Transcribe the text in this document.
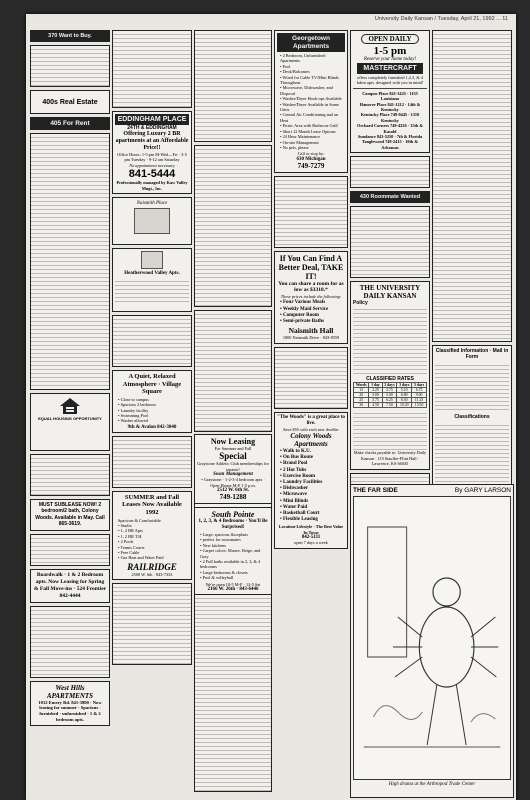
University Daily Kansan / Tuesday, April 21, 1992 ... 11
370 Want to Buy.
400s Real Estate
405 For Rent
EQUAL HOUSING OPPORTUNITY
MUST SUBLEASE NOW! 2 bedroom/2 bath, Colony Woods. Available in May. Call 865-3619.
Boardwalk · 1 & 2 Bedroom apts. Now Leasing for Spring & Fall Move-ins · 524 Frontier 842-4444
West Hills APARTMENTS
1012 Emery Rd. 841-3800 · Now leasing for summer · Spacious · furnished · unfurnished · 1 & 2 bedroom apts.
EDDINGHAM PLACE
24TH & EDDINGHAM
Offering Luxury 2 BR apartments at an Affordable Price!!
Office Hours: 1-5 pm M-Wed—Fri · 3-5 pm Tuesday · 9-12 am Saturday
No appointment necessary
841-5444
Professionally managed by Kaw Valley Mngt., Inc.
Naismith Place
Heatherwood Valley Apts.
A Quiet, Relaxed Atmosphere · Village Square
• Close to campus
• Spacious 2 bedroom
• Laundry facility
• Swimming Pool
• Washer allowed
9th & Avalon 842-3040
SUMMER and Fall Leases Now Available 1992
Spacious & Comfortable
• Studio
• 1, 2 BR Apts
• 1, 2 BR T.H.
• 2 Pools
• Tennis Courts
• Free Cable
• Gas Heat and Water Paid
RAILRIDGE
2500 W. 6th · 843-7333
Georgetown Apartments
• 2 Bedroom, Unfurnished Apartments
• Pool
• Deck/Balconies
• Wired for Cable TV/Mini Blinds Throughout
• Microwave, Dishwasher, and Disposal
• Washer/Dryer Hook-ups Available
• Washer/Dryer Available in Some Units
• Central Air Conditioning and an Heat
• Picnic Area with Barbecue Grill
• Short 12 Month Lease Options
• 24 Hour Maintenance
• On-site Management
• No pets, please
Call or stop by:
630 Michigan
749-7279
If You Can Find A Better Deal, TAKE IT!
You can share a room for as low as $3318.*
These prices include the following:
• Four Various Meals
• Weekly Maid Service
• Computer Room
• Semi-private Baths
Naismith Hall
1800 Naismith Drive · 843-8559
"The Woods" is a great place to live.
Save $55 with each new dweller
Colony Woods Apartments
• Walk to K.U.
• On Bus Route
• Brand Pool
• 2 Hot Tubs
• Exercise Room
• Laundry Facilities
• Dishwasher
• Microwave
• Mini Blinds
• Water Paid
• Basketball Court
• Flexible Leasing
Location-Lifestyle · The Best Value In Town
842-5111
open 7 days a week
Now Leasing
For Summer and Fall
Special
Graystone Athletic Club memberships for tenants!
Swan Management
• Graystone · 1-2-3-4 bedroom apts · Open House M-F 1-5 p.m.
2512 W. 6th St.
749-1288
South Pointe
1, 2, 3, & 4 Bedrooms · You'll Be Surprised!
• Large, spacious floorplans
• perfect for roommates
• New kitchens
• Carpet colors: Mauve, Beige, and Gray
• 2 Full baths available in 2, 3, & 4 bedrooms
• Large bedrooms & closets
• Pool & volleyball
We're open 10-5 M-F · 12-5 Sat
2166 W. 26th · 843-6446
OPEN DAILY
1-5 pm
Reserve your home today!
MASTERCRAFT
offers completely furnished 1,2,3, & 4 bdrm apts. designed with you in mind!
Campus Place 841-3425 · 1155 Louisiana
Hanover Place 841-1212 · 14th & Kentucky
Kentucky Place 749-0445 · 1310 Kentucky
Orchard Corners 749-4226 · 15th & Kasold
Sundance 843-5250 · 7th & Florida
Tanglewood 749-2415 · 10th & Arkansas
430 Roommate Wanted
THE UNIVERSITY DAILY KANSAN
Policy
CLASSIFIED RATES
Words	1 day	2 days	3 days	5 days
15	2.25	3.75	5.10	6.75
20	3.00	5.00	6.80	9.00
25	3.75	6.25	8.50	11.25
30	4.50	7.50	10.20	13.50
Make checks payable to: University Daily Kansan · 119 Stauffer-Flint Hall · Lawrence, KS 66045
Classified Information · Mail in Form
Classifications
THE FAR SIDE	By GARY LARSON
High drama at the Arthropod Trade Center
